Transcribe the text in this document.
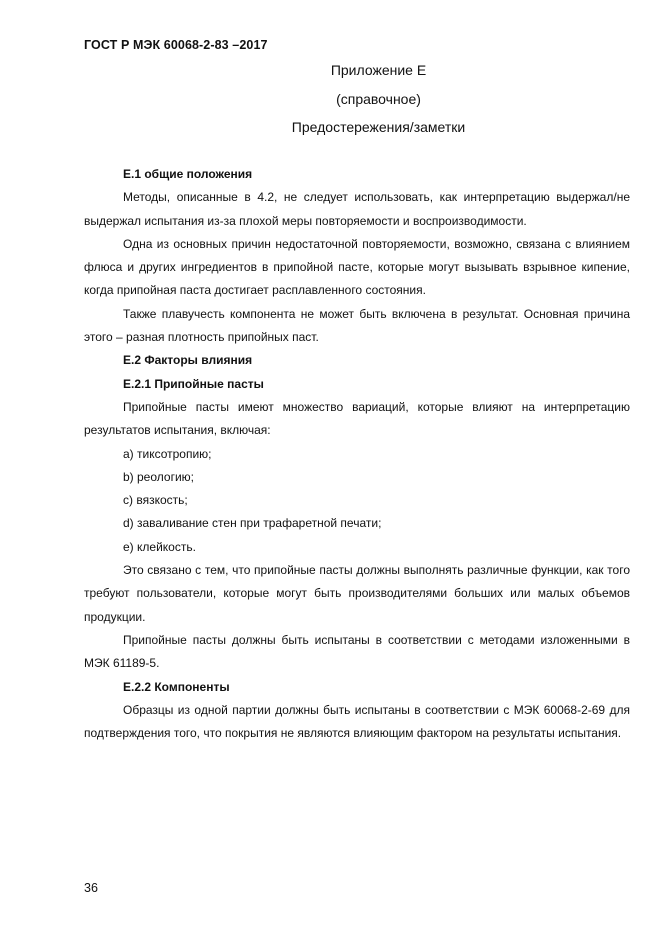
ГОСТ Р МЭК 60068-2-83 –2017
Приложение Е
(справочное)
Предостережения/заметки

Е.1 общие положения

Методы, описанные в 4.2, не следует использовать, как интерпретацию выдержал/не выдержал испытания из-за плохой меры повторяемости и воспроизводимости.

Одна из основных причин недостаточной повторяемости, возможно, связана с влиянием флюса и других ингредиентов в припойной пасте, которые могут вызывать взрывное кипение, когда припойная паста достигает расплавленного состояния.

Также плавучесть компонента не может быть включена в результат. Основная причина этого – разная плотность припойных паст.

Е.2 Факторы влияния

Е.2.1 Припойные пасты

Припойные пасты имеют множество вариаций, которые влияют на интерпретацию результатов испытания, включая:

a) тиксотропию;

b) реологию;

c) вязкость;

d) заваливание стен при трафаретной печати;

e) клейкость.

Это связано с тем, что припойные пасты должны выполнять различные функции, как того требуют пользователи, которые могут быть производителями больших или малых объемов продукции.

Припойные пасты должны быть испытаны в соответствии с методами изложенными в МЭК 61189-5.

Е.2.2 Компоненты

Образцы из одной партии должны быть испытаны в соответствии с МЭК 60068-2-69 для подтверждения того, что покрытия не являются влияющим фактором на результаты испытания.

36
